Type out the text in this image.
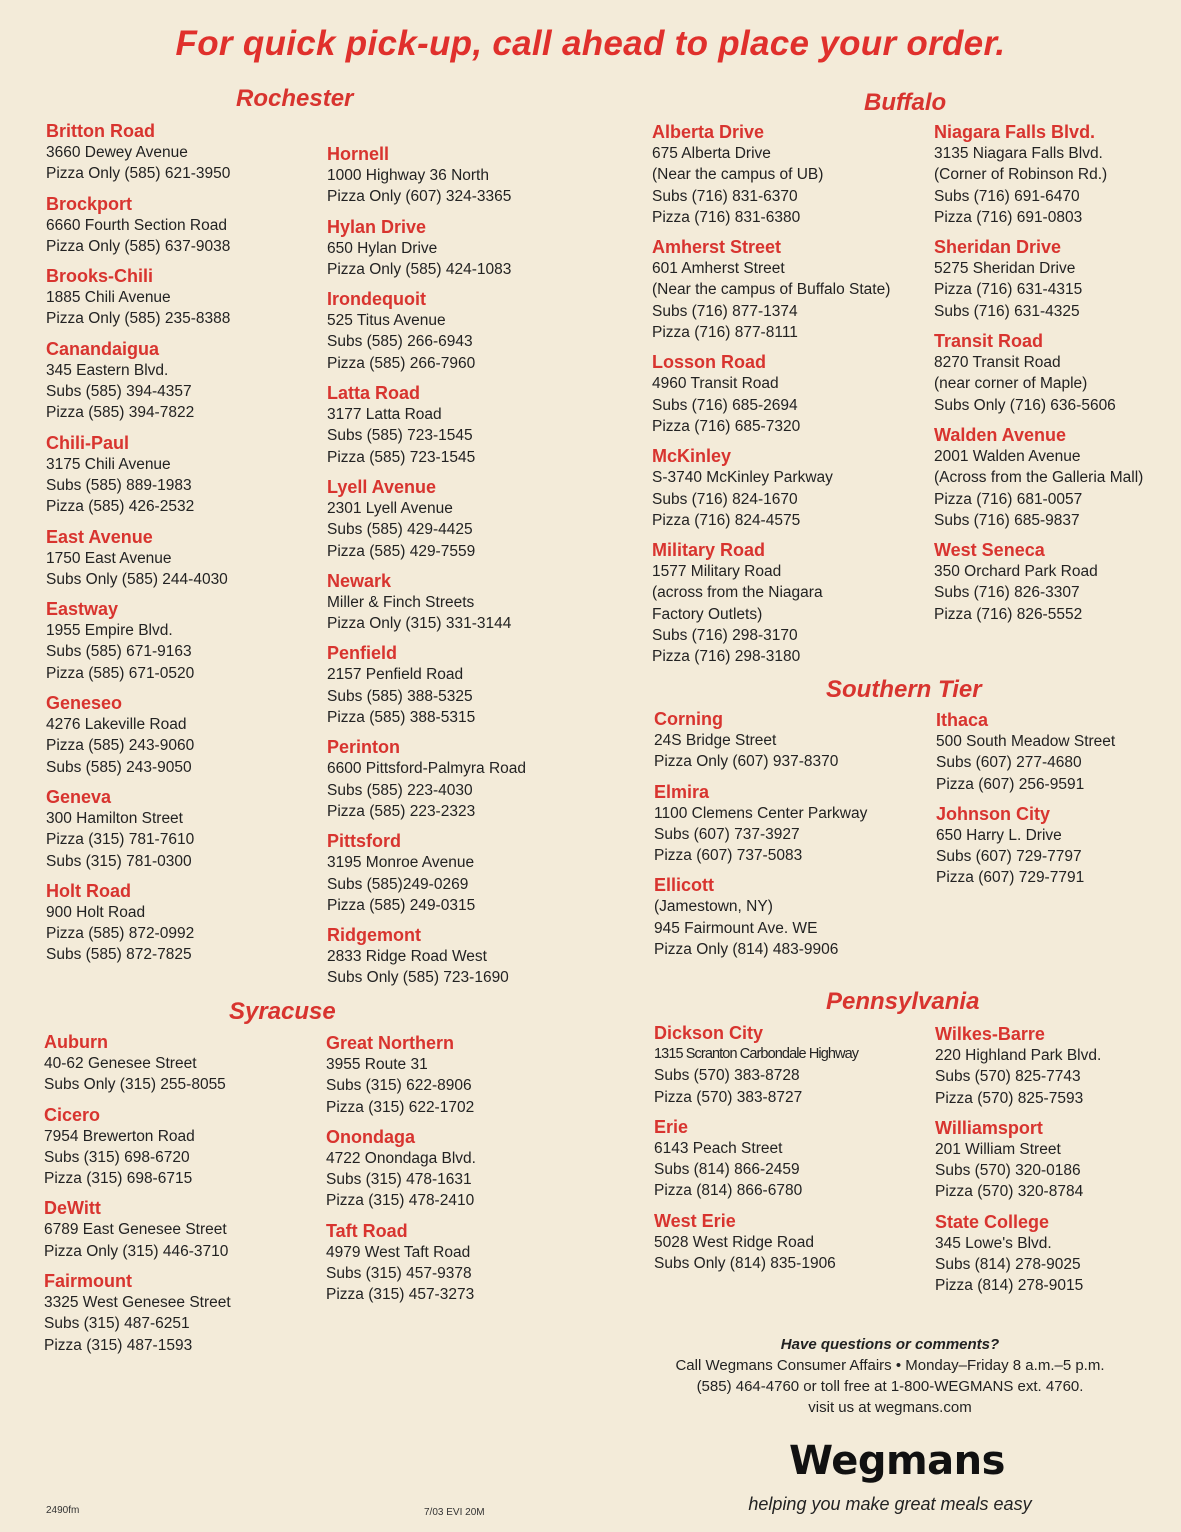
For quick pick-up, call ahead to place your order.
Rochester	Buffalo
Southern Tier
Syracuse	Pennsylvania
Britton Road
3660 Dewey Avenue
Pizza Only (585) 621-3950
Brockport
6660 Fourth Section Road
Pizza Only (585) 637-9038
Brooks-Chili
1885 Chili Avenue
Pizza Only (585) 235-8388
Canandaigua
345 Eastern Blvd.
Subs (585) 394-4357
Pizza (585) 394-7822
Chili-Paul
3175 Chili Avenue
Subs (585) 889-1983
Pizza (585) 426-2532
East Avenue
1750 East Avenue
Subs Only (585) 244-4030
Eastway
1955 Empire Blvd.
Subs (585) 671-9163
Pizza (585) 671-0520
Geneseo
4276 Lakeville Road
Pizza (585) 243-9060
Subs (585) 243-9050
Geneva
300 Hamilton Street
Pizza (315) 781-7610
Subs (315) 781-0300
Holt Road
900 Holt Road
Pizza (585) 872-0992
Subs (585) 872-7825
Hornell
1000 Highway 36 North
Pizza Only (607) 324-3365
Hylan Drive
650 Hylan Drive
Pizza Only (585) 424-1083
Irondequoit
525 Titus Avenue
Subs (585) 266-6943
Pizza (585) 266-7960
Latta Road
3177 Latta Road
Subs (585) 723-1545
Pizza (585) 723-1545
Lyell Avenue
2301 Lyell Avenue
Subs (585) 429-4425
Pizza (585) 429-7559
Newark
Miller & Finch Streets
Pizza Only (315) 331-3144
Penfield
2157 Penfield Road
Subs (585) 388-5325
Pizza (585) 388-5315
Perinton
6600 Pittsford-Palmyra Road
Subs (585) 223-4030
Pizza (585) 223-2323
Pittsford
3195 Monroe Avenue
Subs (585)249-0269
Pizza (585) 249-0315
Ridgemont
2833 Ridge Road West
Subs Only (585) 723-1690
Auburn
40-62 Genesee Street
Subs Only (315) 255-8055
Cicero
7954 Brewerton Road
Subs (315) 698-6720
Pizza (315) 698-6715
DeWitt
6789 East Genesee Street
Pizza Only (315) 446-3710
Fairmount
3325 West Genesee Street
Subs (315) 487-6251
Pizza (315) 487-1593
Great Northern
3955 Route 31
Subs (315) 622-8906
Pizza (315) 622-1702
Onondaga
4722 Onondaga Blvd.
Subs (315) 478-1631
Pizza (315) 478-2410
Taft Road
4979 West Taft Road
Subs (315) 457-9378
Pizza (315) 457-3273
Alberta Drive
675 Alberta Drive
(Near the campus of UB)
Subs (716) 831-6370
Pizza (716) 831-6380
Amherst Street
601 Amherst Street
(Near the campus of Buffalo State)
Subs (716) 877-1374
Pizza (716) 877-8111
Losson Road
4960 Transit Road
Subs (716) 685-2694
Pizza (716) 685-7320
McKinley
S-3740 McKinley Parkway
Subs (716) 824-1670
Pizza (716) 824-4575
Military Road
1577 Military Road
(across from the Niagara
Factory Outlets)
Subs (716) 298-3170
Pizza (716) 298-3180
Niagara Falls Blvd.
3135 Niagara Falls Blvd.
(Corner of Robinson Rd.)
Subs (716) 691-6470
Pizza (716) 691-0803
Sheridan Drive
5275 Sheridan Drive
Pizza (716) 631-4315
Subs (716) 631-4325
Transit Road
8270 Transit Road
(near corner of Maple)
Subs Only (716) 636-5606
Walden Avenue
2001 Walden Avenue
(Across from the Galleria Mall)
Pizza (716) 681-0057
Subs (716) 685-9837
West Seneca
350 Orchard Park Road
Subs (716) 826-3307
Pizza (716) 826-5552
Corning
24S Bridge Street
Pizza Only (607) 937-8370
Elmira
1100 Clemens Center Parkway
Subs (607) 737-3927
Pizza (607) 737-5083
Ellicott
(Jamestown, NY)
945 Fairmount Ave. WE
Pizza Only (814) 483-9906
Ithaca
500 South Meadow Street
Subs (607) 277-4680
Pizza (607) 256-9591
Johnson City
650 Harry L. Drive
Subs (607) 729-7797
Pizza (607) 729-7791
Dickson City
1315 Scranton Carbondale Highway
Subs (570) 383-8728
Pizza (570) 383-8727
Erie
6143 Peach Street
Subs (814) 866-2459
Pizza (814) 866-6780
West Erie
5028 West Ridge Road
Subs Only (814) 835-1906
Wilkes-Barre
220 Highland Park Blvd.
Subs (570) 825-7743
Pizza (570) 825-7593
Williamsport
201 William Street
Subs (570) 320-0186
Pizza (570) 320-8784
State College
345 Lowe's Blvd.
Subs (814) 278-9025
Pizza (814) 278-9015
Have questions or comments?
Call Wegmans Consumer Affairs • Monday–Friday 8 a.m.–5 p.m.
(585) 464-4760 or toll free at 1-800-WEGMANS ext. 4760.
visit us at wegmans.com
Wegmans
helping you make great meals easy
2490fm	7/03 EVI 20M
